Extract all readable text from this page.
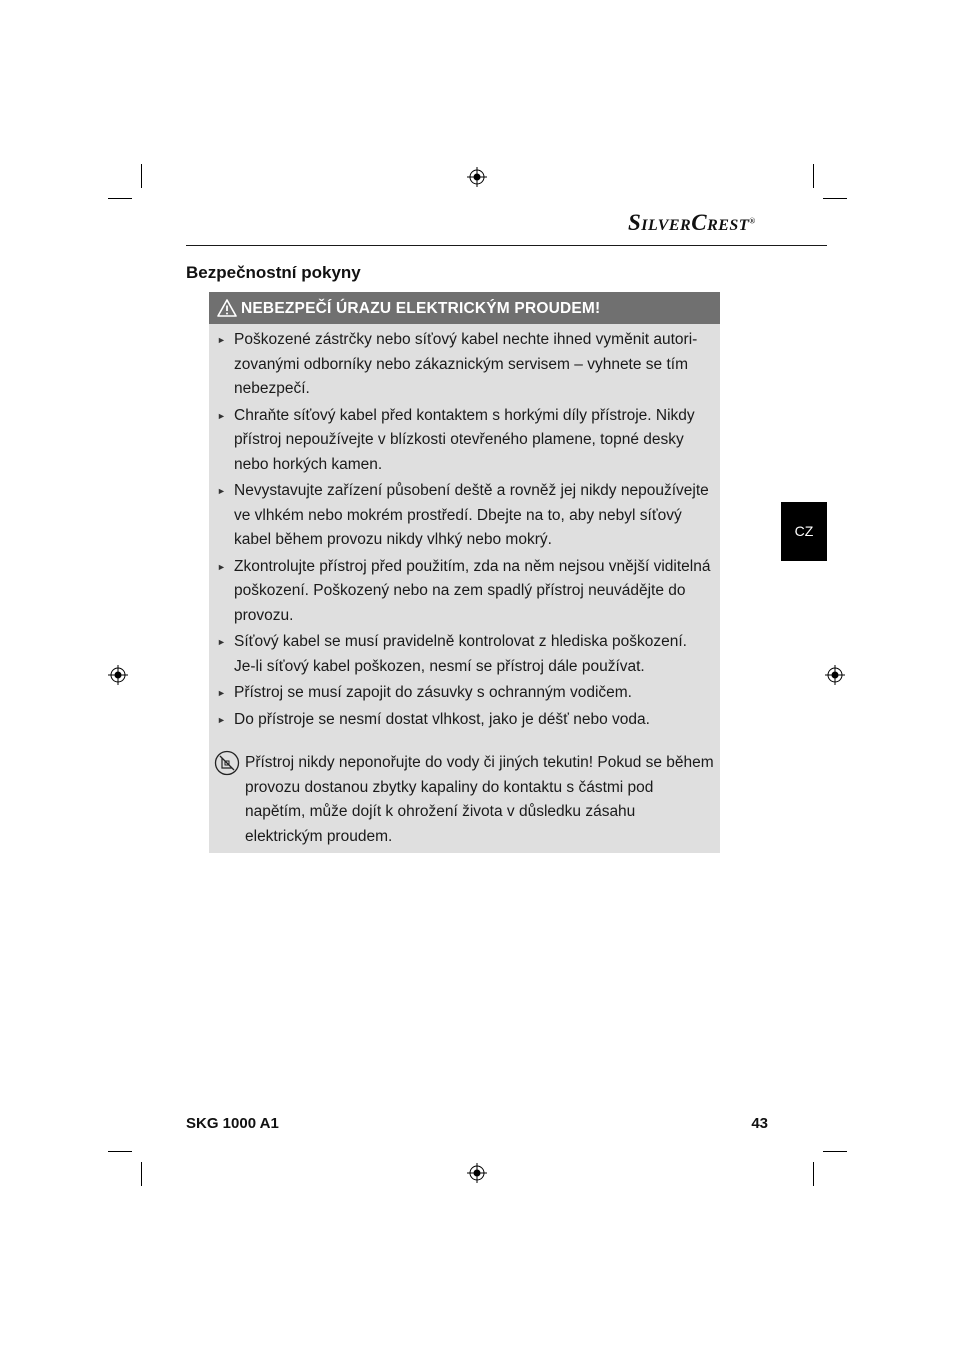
SILVERCREST®
Bezpečnostní pokyny
NEBEZPEČÍ ÚRAZU ELEKTRICKÝM PROUDEM!
► Poškozené zástrčky nebo síťový kabel nechte ihned vyměnit autorizovanými odborníky nebo zákaznickým servisem – vyhnete se tím nebezpečí.
► Chraňte síťový kabel před kontaktem s horkými díly přístroje. Nikdy přístroj nepoužívejte v blízkosti otevřeného plamene, topné desky nebo horkých kamen.
► Nevystavujte zařízení působení deště a rovněž jej nikdy nepoužívejte ve vlhkém nebo mokrém prostředí. Dbejte na to, aby nebyl síťový kabel během provozu nikdy vlhký nebo mokrý.
► Zkontrolujte přístroj před použitím, zda na něm nejsou vnější viditelná poškození. Poškozený nebo na zem spadlý přístroj neuvádějte do provozu.
► Síťový kabel se musí pravidelně kontrolovat z hlediska poškození. Je-li síťový kabel poškozen, nesmí se přístroj dále používat.
► Přístroj se musí zapojit do zásuvky s ochranným vodičem.
► Do přístroje se nesmí dostat vlhkost, jako je déšť nebo voda.
Přístroj nikdy neponořujte do vody či jiných tekutin! Pokud se během provozu dostanou zbytky kapaliny do kontaktu s částmi pod napětím, může dojít k ohrožení života v důsledku zásahu elektrickým proudem.
CZ
SKG 1000 A1	43
